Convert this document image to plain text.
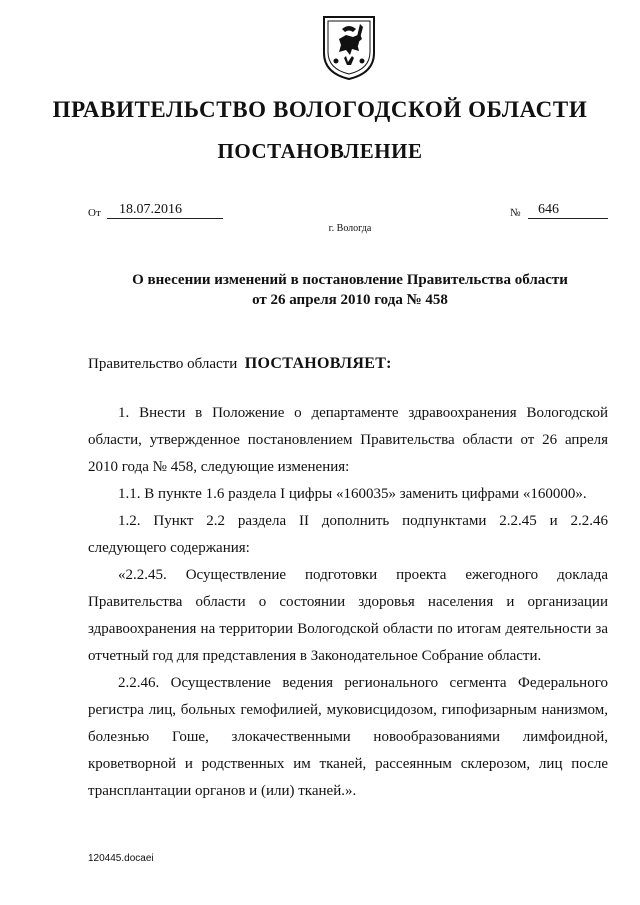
ПРАВИТЕЛЬСТВО ВОЛОГОДСКОЙ ОБЛАСТИ
ПОСТАНОВЛЕНИЕ
От	18.07.2016	№	646
г. Вологда
О внесении изменений в постановление Правительства области
от 26 апреля 2010 года № 458
Правительство области ПОСТАНОВЛЯЕТ:

1. Внести в Положение о департаменте здравоохранения Вологодской области, утвержденное постановлением Правительства области от 26 апреля 2010 года № 458, следующие изменения:

1.1. В пункте 1.6 раздела I цифры «160035» заменить цифрами «160000».

1.2. Пункт 2.2 раздела II дополнить подпунктами 2.2.45 и 2.2.46 следующего содержания:

«2.2.45. Осуществление подготовки проекта ежегодного доклада Правительства области о состоянии здоровья населения и организации здравоохранения на территории Вологодской области по итогам деятельности за отчетный год для представления в Законодательное Собрание области.

2.2.46. Осуществление ведения регионального сегмента Федерального регистра лиц, больных гемофилией, муковисцидозом, гипофизарным нанизмом, болезнью Гоше, злокачественными новообразованиями лимфоидной, кроветворной и родственных им тканей, рассеянным склерозом, лиц после трансплантации органов и (или) тканей.».

120445.docaei
